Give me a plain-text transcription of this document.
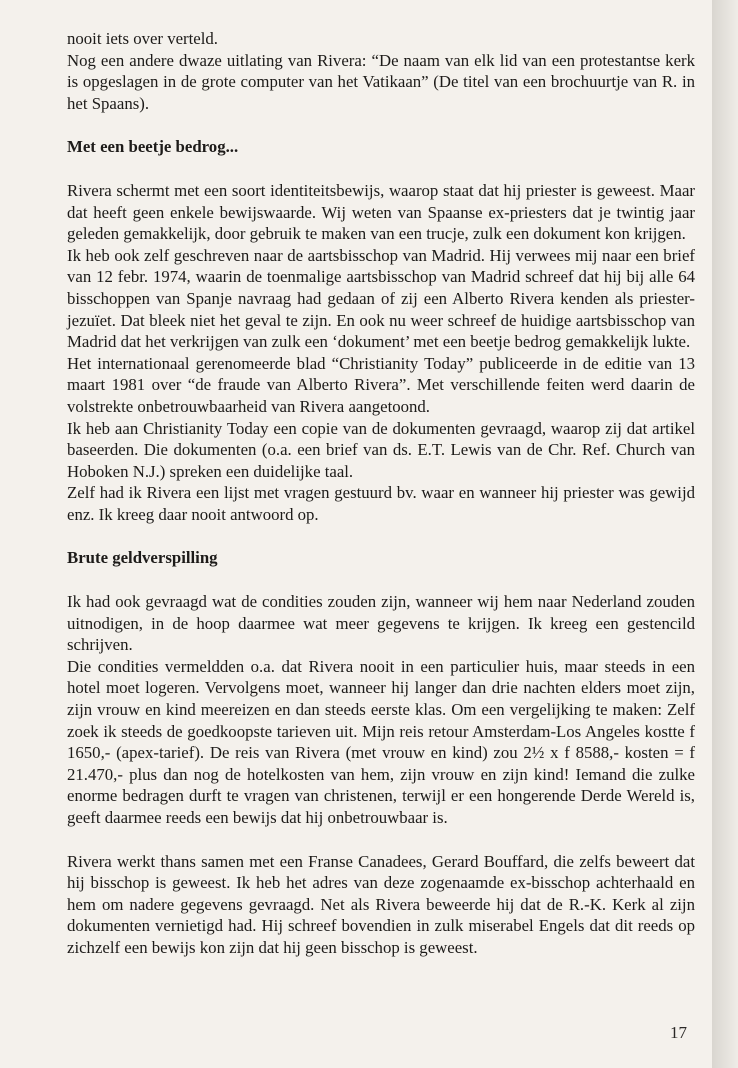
nooit iets over verteld.

Nog een andere dwaze uitlating van Rivera: “De naam van elk lid van een protestantse kerk is opgeslagen in de grote computer van het Vatikaan” (De titel van een brochuurtje van R. in het Spaans).

Met een beetje bedrog...

Rivera schermt met een soort identiteitsbewijs, waarop staat dat hij priester is geweest. Maar dat heeft geen enkele bewijswaarde. Wij weten van Spaanse ex-priesters dat je twintig jaar geleden gemakkelijk, door gebruik te maken van een trucje, zulk een dokument kon krijgen.

Ik heb ook zelf geschreven naar de aartsbisschop van Madrid. Hij verwees mij naar een brief van 12 febr. 1974, waarin de toenmalige aartsbisschop van Madrid schreef dat hij bij alle 64 bisschoppen van Spanje navraag had gedaan of zij een Alberto Rivera kenden als priester-jezuïet. Dat bleek niet het geval te zijn. En ook nu weer schreef de huidige aartsbisschop van Madrid dat het verkrijgen van zulk een ‘dokument’ met een beetje bedrog gemakkelijk lukte.

Het internationaal gerenomeerde blad “Christianity Today” publiceerde in de editie van 13 maart 1981 over “de fraude van Alberto Rivera”. Met verschillende feiten werd daarin de volstrekte onbetrouwbaarheid van Rivera aangetoond.

Ik heb aan Christianity Today een copie van de dokumenten gevraagd, waarop zij dat artikel baseerden. Die dokumenten (o.a. een brief van ds. E.T. Lewis van de Chr. Ref. Church van Hoboken N.J.) spreken een duidelijke taal.

Zelf had ik Rivera een lijst met vragen gestuurd bv. waar en wanneer hij priester was gewijd enz. Ik kreeg daar nooit antwoord op.

Brute geldverspilling

Ik had ook gevraagd wat de condities zouden zijn, wanneer wij hem naar Nederland zouden uitnodigen, in de hoop daarmee wat meer gegevens te krijgen. Ik kreeg een gestencild schrijven.

Die condities vermeldden o.a. dat Rivera nooit in een particulier huis, maar steeds in een hotel moet logeren. Vervolgens moet, wanneer hij langer dan drie nachten elders moet zijn, zijn vrouw en kind meereizen en dan steeds eerste klas. Om een vergelijking te maken: Zelf zoek ik steeds de goedkoopste tarieven uit. Mijn reis retour Amsterdam-Los Angeles kostte f 1650,- (apex-tarief). De reis van Rivera (met vrouw en kind) zou 2½ x f 8588,- kosten = f 21.470,- plus dan nog de hotelkosten van hem, zijn vrouw en zijn kind! Iemand die zulke enorme bedragen durft te vragen van christenen, terwijl er een hongerende Derde Wereld is, geeft daarmee reeds een bewijs dat hij onbetrouwbaar is.

Rivera werkt thans samen met een Franse Canadees, Gerard Bouffard, die zelfs beweert dat hij bisschop is geweest. Ik heb het adres van deze zogenaamde ex-bisschop achterhaald en hem om nadere gegevens gevraagd. Net als Rivera beweerde hij dat de R.-K. Kerk al zijn dokumenten vernietigd had. Hij schreef bovendien in zulk miserabel Engels dat dit reeds op zichzelf een bewijs kon zijn dat hij geen bisschop is geweest.

17
